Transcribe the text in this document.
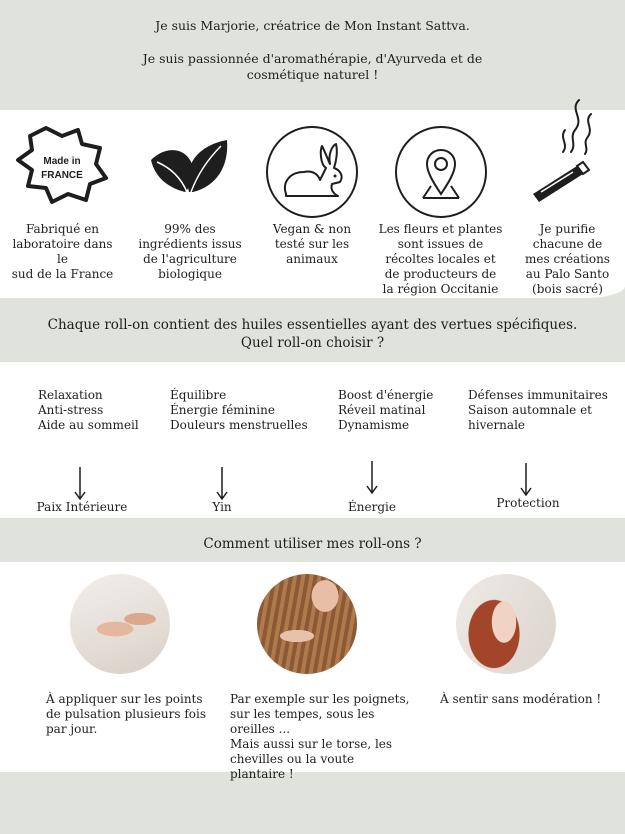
Je suis Marjorie, créatrice de Mon Instant Sattva.

Je suis passionnée d'aromathérapie, d'Ayurveda et de

cosmétique naturel !

Made in
FRANCE
Fabriqué en
laboratoire dans le
sud de la France
99% des
ingrédients issus
de l'agriculture
biologique
Vegan & non
testé sur les
animaux
Les fleurs et plantes
sont issues de
récoltes locales et
de producteurs de
la région Occitanie
Je purifie
chacune de
mes créations
au Palo Santo
(bois sacré)
Chaque roll-on contient des huiles essentielles ayant des vertues spécifiques.
Quel roll-on choisir ?
Relaxation
Anti-stress
Aide au sommeil
Paix Intérieure
Équilibre
Énergie féminine
Douleurs menstruelles
Yin
Boost d'énergie
Réveil matinal
Dynamisme
Énergie
Défenses immunitaires
Saison automnale et
hivernale
Protection
Comment utiliser mes roll-ons ?
À appliquer sur les points
de pulsation plusieurs fois
par jour.
Par exemple sur les poignets,
sur les tempes, sous les
oreilles ...
Mais aussi sur le torse, les
chevilles ou la voute
plantaire !
À sentir sans modération !
